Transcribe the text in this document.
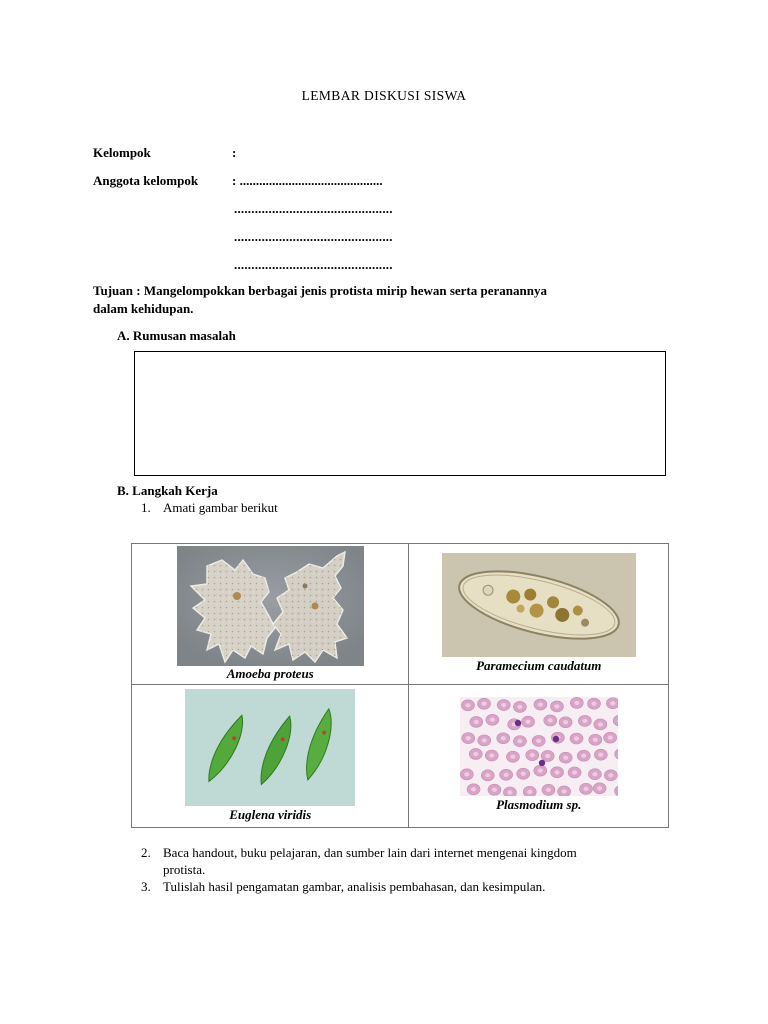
LEMBAR DISKUSI SISWA
Kelompok	:
Anggota kelompok	: ............................................
..............................................
..............................................
..............................................
Tujuan : Mangelompokkan berbagai jenis protista mirip hewan serta peranannya
dalam kehidupan.
A. Rumusan masalah
B. Langkah Kerja
1. Amati gambar berikut
Amoeba proteus	Paramecium caudatum

Euglena viridis	Plasmodium sp.
2. Baca handout, buku pelajaran, dan sumber lain dari internet mengenai kingdom
protista.
3. Tulislah hasil pengamatan gambar, analisis pembahasan, dan kesimpulan.
